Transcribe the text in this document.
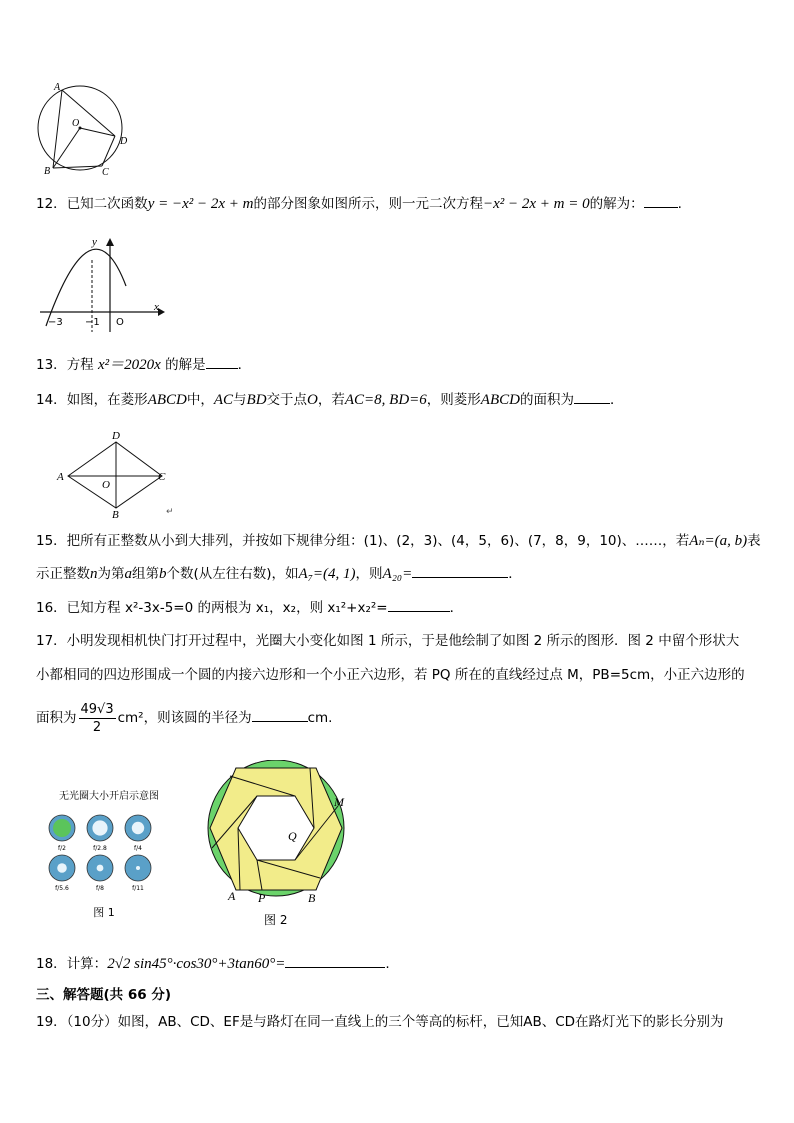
A
O
D
B	C
12．已知二次函数y = −x² − 2x + m的部分图象如图所示，则一元二次方程−x² − 2x + m = 0的解为：	.
y
x
−3 −1 O
13．方程 x²＝2020x 的解是 ．
14．如图，在菱形ABCD中，AC与BD交于点O，若AC=8, BD=6，则菱形ABCD的面积为	．
D
A	C
O
B	↵
15．把所有正整数从小到大排列，并按如下规律分组：(1)、(2，3)、(4，5，6)、(7，8，9，10)、……，若Aₙ=(a, b)表
示正整数n为第a组第b个数(从左往右数)，如A₇=(4, 1)，则A₂₀=	．
16．已知方程 x²-3x-5=0 的两根为 x₁，x₂，则 x₁²+x₂²=	．
17．小明发现相机快门打开过程中，光圈大小变化如图 1 所示，于是他绘制了如图 2 所示的图形．图 2 中留个形状大
小都相同的四边形围成一个圆的内接六边形和一个小正六边形，若 PQ 所在的直线经过点 M，PB=5cm，小正六边形的
面积为 $\frac{49√3}{2} cm^2$，则该圆的半径为	cm.
无光圈大小开启示意图
f/2	f/2.8	f/4
f/5.6	f/8	f/11
图 1
M
Q
A P	B
图 2
18．计算：2√2 sin45°·cos30°+3tan60°=	.
三、解答题(共 66 分)
19．（10分）如图，AB、CD、EF是与路灯在同一直线上的三个等高的标杆，已知AB、CD在路灯光下的影长分别为
